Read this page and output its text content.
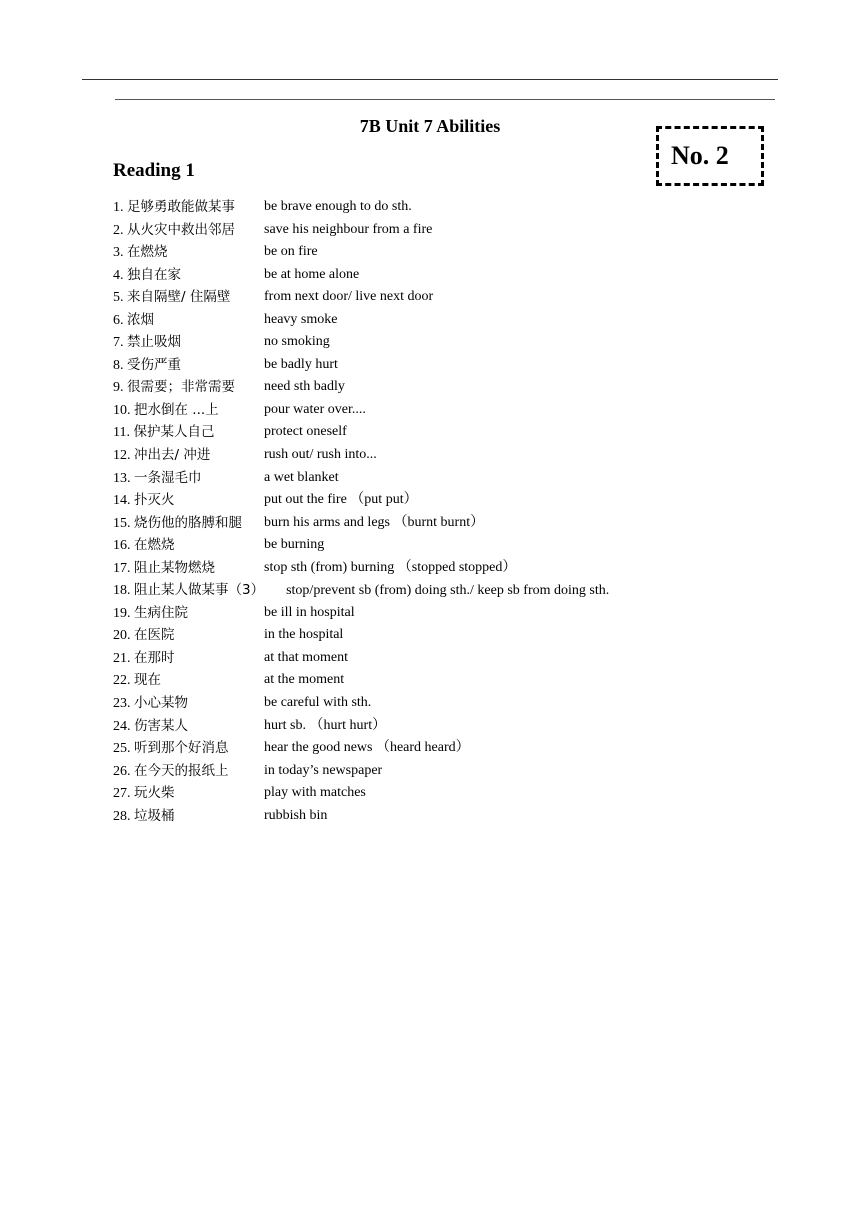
7B Unit 7 Abilities
No. 2
Reading 1
1. 足够勇敢能做某事 be brave enough to do sth.
2. 从火灾中救出邻居 save his neighbour from a fire
3. 在燃烧	be on fire
4. 独自在家	be at home alone
5. 来自隔壁/ 住隔壁 from next door/ live next door
6. 浓烟	heavy smoke
7. 禁止吸烟	no smoking
8. 受伤严重	be badly hurt
9. 很需要；非常需要 need sth badly
10. 把水倒在 ...上	pour water over....
11. 保护某人自己	protect oneself
12. 冲出去/ 冲进	rush out/ rush into...
13. 一条湿毛巾	a wet blanket
14. 扑灭火	put out the fire （put put）
15. 烧伤他的胳膊和腿 burn his arms and legs （burnt burnt）
16. 在燃烧	be burning
17. 阻止某物燃烧	stop sth (from) burning （stopped stopped）
18. 阻止某人做某事（3） stop/prevent sb (from) doing sth./ keep sb from doing sth.
19. 生病住院	be ill in hospital
20. 在医院	in the hospital
21. 在那时	at that moment
22. 现在	at the moment
23. 小心某物	be careful with sth.
24. 伤害某人	hurt sb. （hurt hurt）
25. 听到那个好消息	hear the good news （heard heard）
26. 在今天的报纸上	in today’s newspaper
27. 玩火柴	play with matches
28. 垃圾桶	rubbish bin
